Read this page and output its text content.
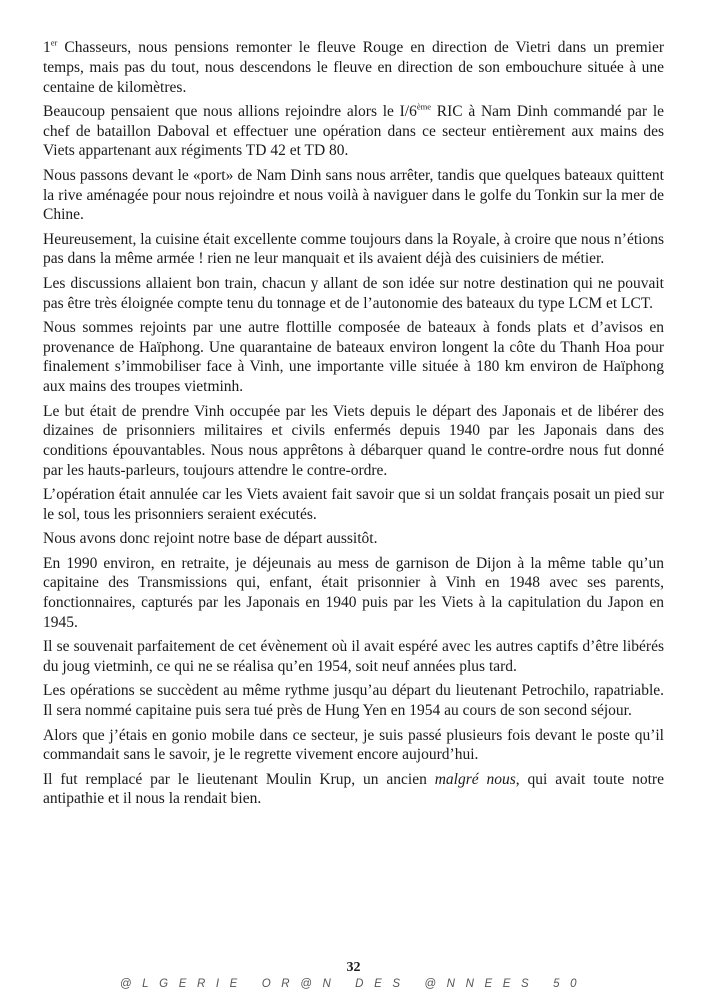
1er Chasseurs, nous pensions remonter le fleuve Rouge en direction de Vietri dans un premier temps, mais pas du tout, nous descendons le fleuve en direction de son embouchure située à une centaine de kilomètres.

Beaucoup pensaient que nous allions rejoindre alors le I/6ème RIC à Nam Dinh commandé par le chef de bataillon Daboval et effectuer une opération dans ce secteur entièrement aux mains des Viets appartenant aux régiments TD 42 et TD 80.

Nous passons devant le «port» de Nam Dinh sans nous arrêter, tandis que quelques bateaux quittent la rive aménagée pour nous rejoindre et nous voilà à naviguer dans le golfe du Tonkin sur la mer de Chine.

Heureusement, la cuisine était excellente comme toujours dans la Royale, à croire que nous n’étions pas dans la même armée ! rien ne leur manquait et ils avaient déjà des cuisiniers de métier.

Les discussions allaient bon train, chacun y allant de son idée sur notre destination qui ne pouvait pas être très éloignée compte tenu du tonnage et de l’autonomie des bateaux du type LCM et LCT.

Nous sommes rejoints par une autre flottille composée de bateaux à fonds plats et d’avisos en provenance de Haïphong. Une quarantaine de bateaux environ longent la côte du Thanh Hoa pour finalement s’immobiliser face à Vinh, une importante ville située à 180 km environ de Haïphong aux mains des troupes vietminh.

Le but était de prendre Vinh occupée par les Viets depuis le départ des Japonais et de libérer des dizaines de prisonniers militaires et civils enfermés depuis 1940 par les Japonais dans des conditions épouvantables. Nous nous apprêtons à débarquer quand le contre-ordre nous fut donné par les hauts-parleurs, toujours attendre le contre-ordre.

L’opération était annulée car les Viets avaient fait savoir que si un soldat français posait un pied sur le sol, tous les prisonniers seraient exécutés.

Nous avons donc rejoint notre base de départ aussitôt.

En 1990 environ, en retraite, je déjeunais au mess de garnison de Dijon à la même table qu’un capitaine des Transmissions qui, enfant, était prisonnier à Vinh en 1948 avec ses parents, fonctionnaires, capturés par les Japonais en 1940 puis par les Viets à la capitulation du Japon en 1945.

Il se souvenait parfaitement de cet évènement où il avait espéré avec les autres captifs d’être libérés du joug vietminh, ce qui ne se réalisa qu’en 1954, soit neuf années plus tard.

Les opérations se succèdent au même rythme jusqu’au départ du lieutenant Petrochilo, rapatriable. Il sera nommé capitaine puis sera tué près de Hung Yen en 1954 au cours de son second séjour.

Alors que j’étais en gonio mobile dans ce secteur, je suis passé plusieurs fois devant le poste qu’il commandait sans le savoir, je le regrette vivement encore aujourd’hui.

Il fut remplacé par le lieutenant Moulin Krup, un ancien malgré nous, qui avait toute notre antipathie et il nous la rendait bien.

32
@LGERIE OR@N DES @NNEES 50
